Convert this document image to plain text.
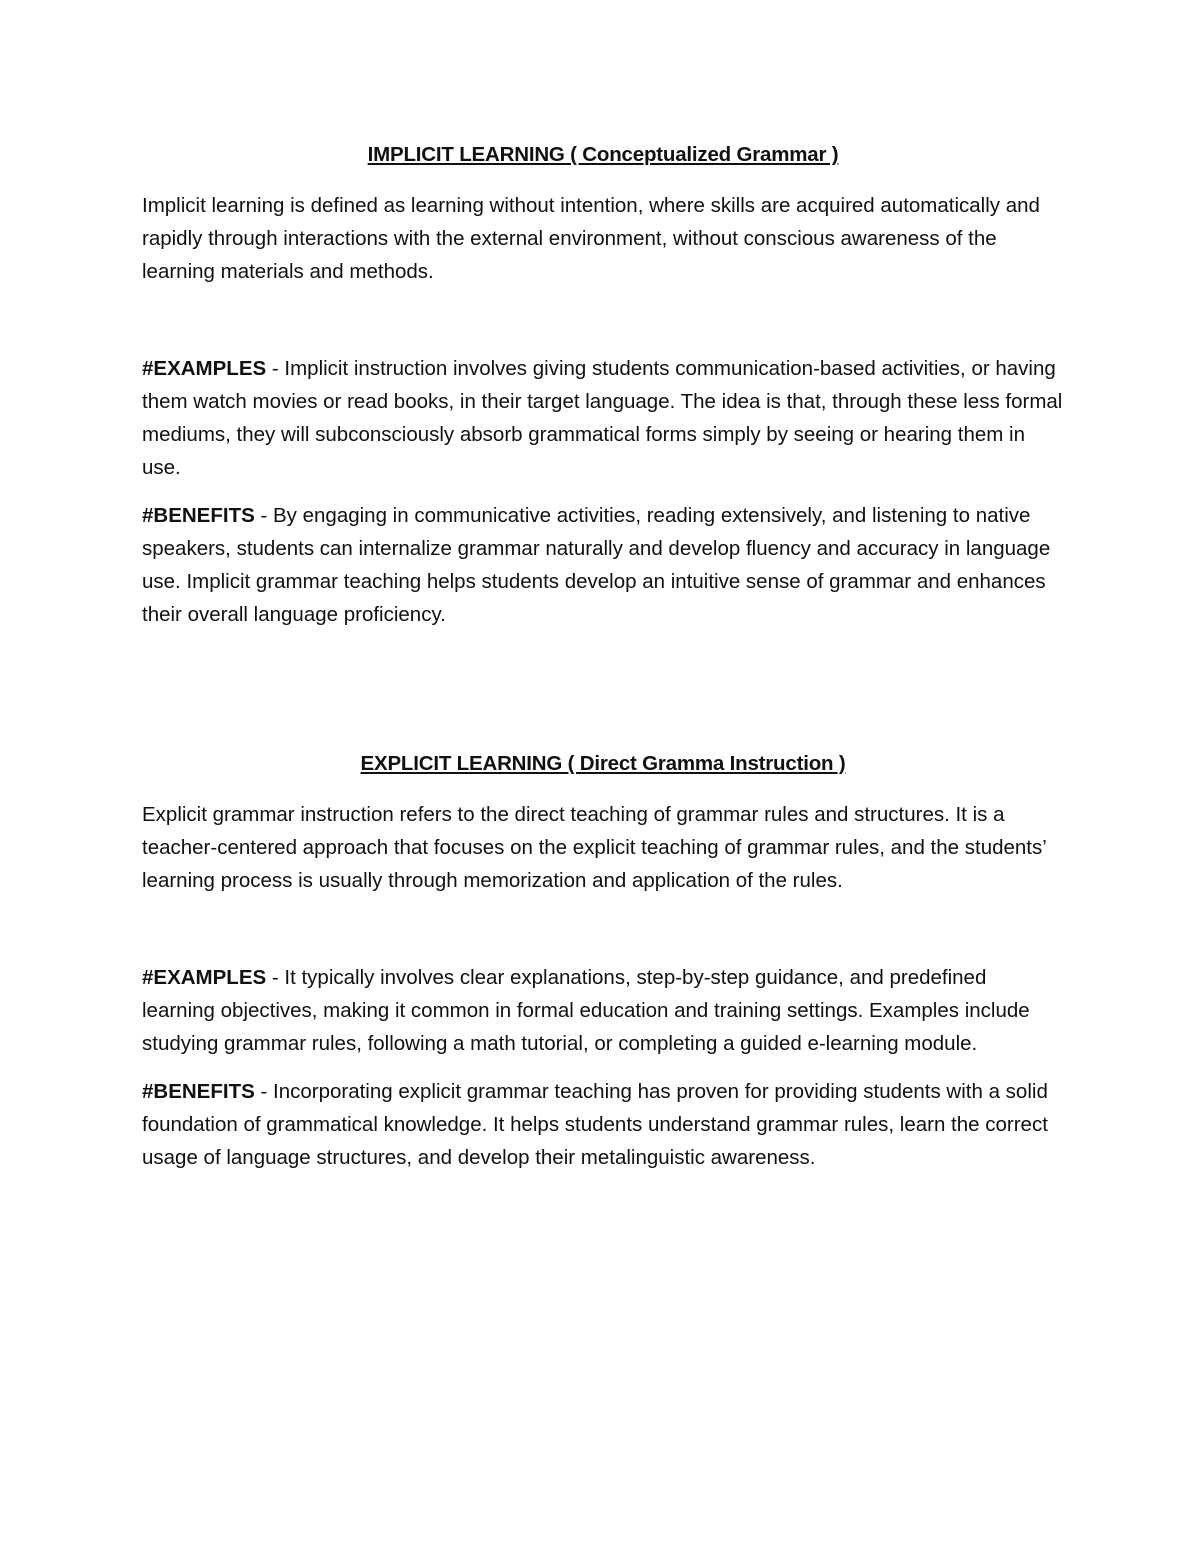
IMPLICIT LEARNING ( Conceptualized Grammar )

Implicit learning is defined as learning without intention, where skills are acquired automatically and rapidly through interactions with the external environment, without conscious awareness of the learning materials and methods.

#EXAMPLES - Implicit instruction involves giving students communication-based activities, or having them watch movies or read books, in their target language. The idea is that, through these less formal mediums, they will subconsciously absorb grammatical forms simply by seeing or hearing them in use.

#BENEFITS - By engaging in communicative activities, reading extensively, and listening to native speakers, students can internalize grammar naturally and develop fluency and accuracy in language use. Implicit grammar teaching helps students develop an intuitive sense of grammar and enhances their overall language proficiency.

EXPLICIT LEARNING ( Direct Gramma Instruction )

Explicit grammar instruction refers to the direct teaching of grammar rules and structures. It is a teacher-centered approach that focuses on the explicit teaching of grammar rules, and the students’ learning process is usually through memorization and application of the rules.

#EXAMPLES - It typically involves clear explanations, step-by-step guidance, and predefined learning objectives, making it common in formal education and training settings. Examples include studying grammar rules, following a math tutorial, or completing a guided e-learning module.

#BENEFITS - Incorporating explicit grammar teaching has proven for providing students with a solid foundation of grammatical knowledge. It helps students understand grammar rules, learn the correct usage of language structures, and develop their metalinguistic awareness.
